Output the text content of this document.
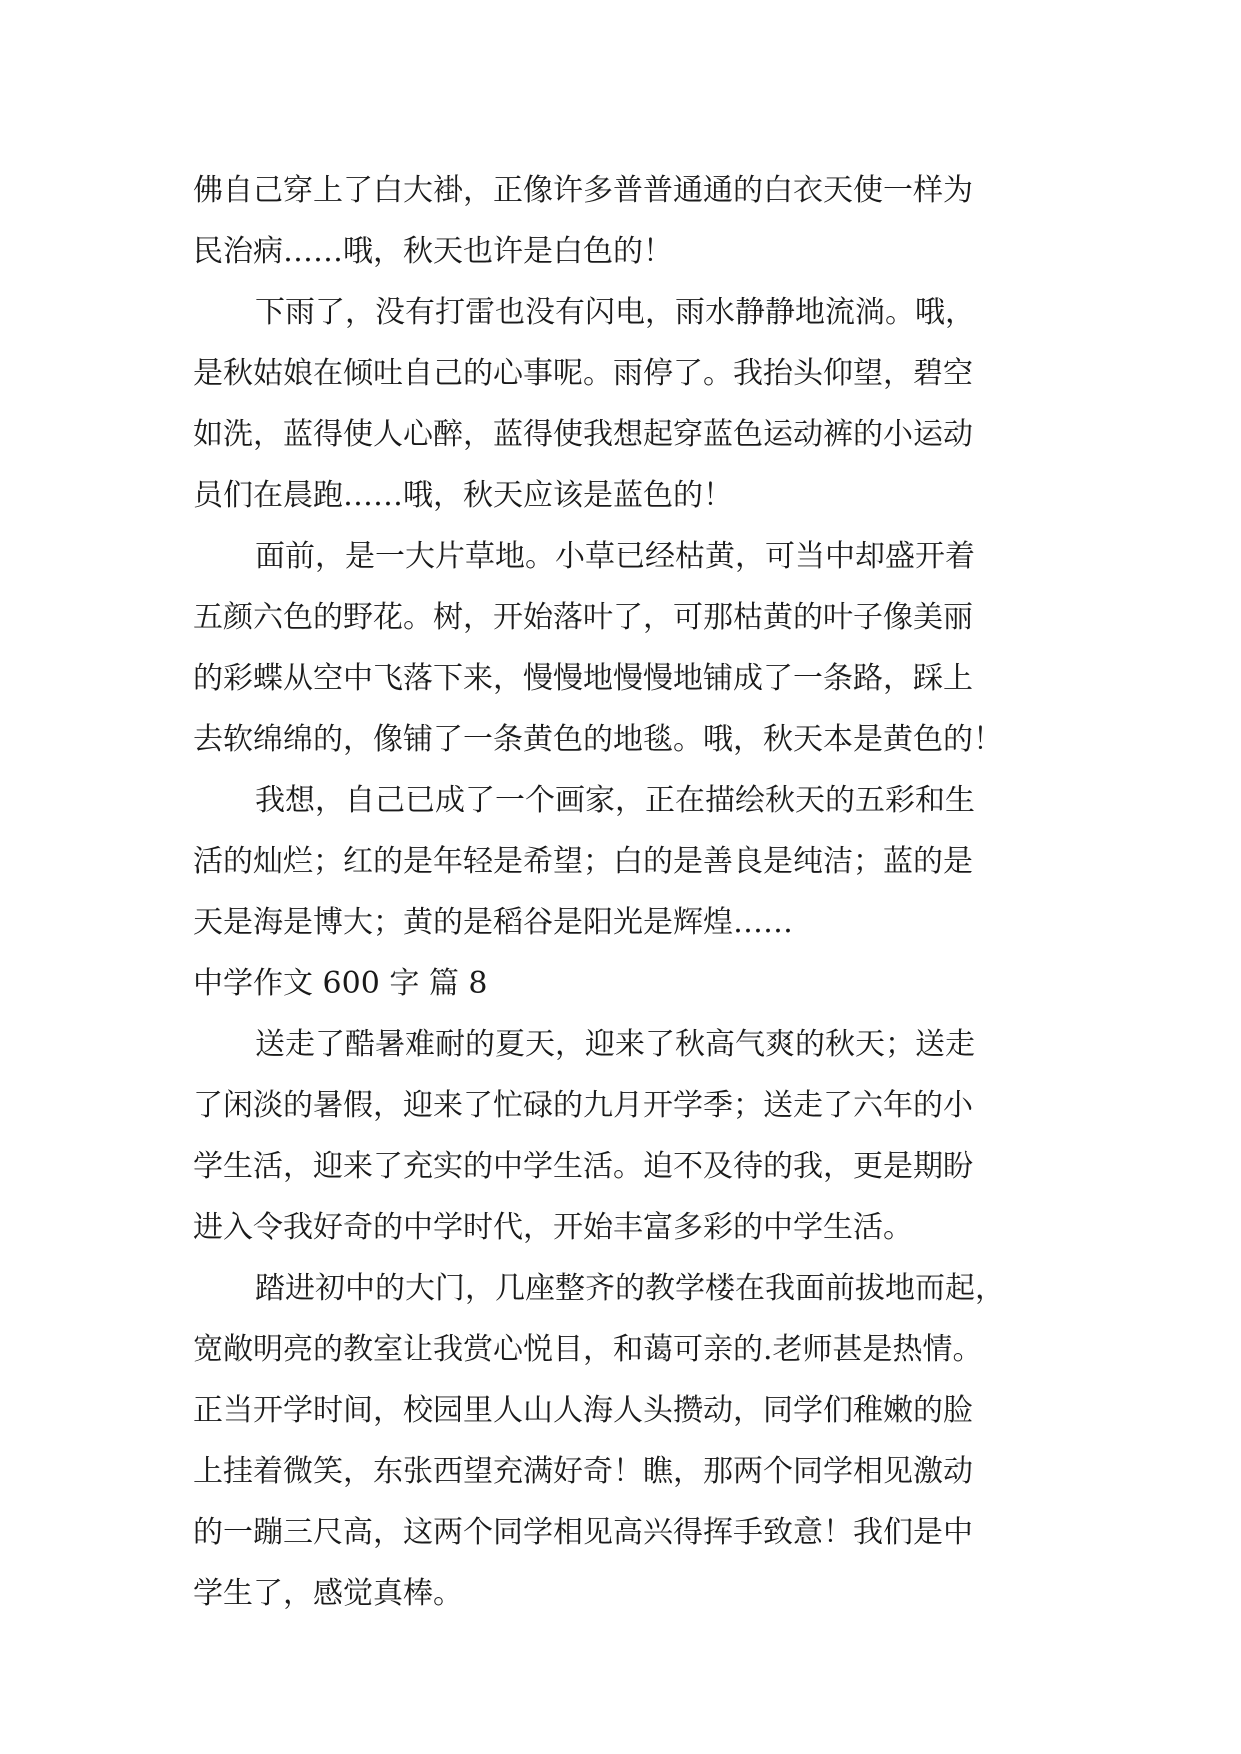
佛自己穿上了白大褂，正像许多普普通通的白衣天使一样为
民治病……哦，秋天也许是白色的！
下雨了，没有打雷也没有闪电，雨水静静地流淌。哦，
是秋姑娘在倾吐自己的心事呢。雨停了。我抬头仰望，碧空
如洗，蓝得使人心醉，蓝得使我想起穿蓝色运动裤的小运动
员们在晨跑……哦，秋天应该是蓝色的！
面前，是一大片草地。小草已经枯黄，可当中却盛开着
五颜六色的野花。树，开始落叶了，可那枯黄的叶子像美丽
的彩蝶从空中飞落下来，慢慢地慢慢地铺成了一条路，踩上
去软绵绵的，像铺了一条黄色的地毯。哦，秋天本是黄色的！
我想，自己已成了一个画家，正在描绘秋天的五彩和生
活的灿烂；红的是年轻是希望；白的是善良是纯洁；蓝的是
天是海是博大；黄的是稻谷是阳光是辉煌……
中学作文 600 字 篇 8
送走了酷暑难耐的夏天，迎来了秋高气爽的秋天；送走
了闲淡的暑假，迎来了忙碌的九月开学季；送走了六年的小
学生活，迎来了充实的中学生活。迫不及待的我，更是期盼
进入令我好奇的中学时代，开始丰富多彩的中学生活。
踏进初中的大门，几座整齐的教学楼在我面前拔地而起，
宽敞明亮的教室让我赏心悦目，和蔼可亲的.老师甚是热情。
正当开学时间，校园里人山人海人头攒动，同学们稚嫩的脸
上挂着微笑，东张西望充满好奇！瞧，那两个同学相见激动
的一蹦三尺高，这两个同学相见高兴得挥手致意！我们是中
学生了，感觉真棒。
